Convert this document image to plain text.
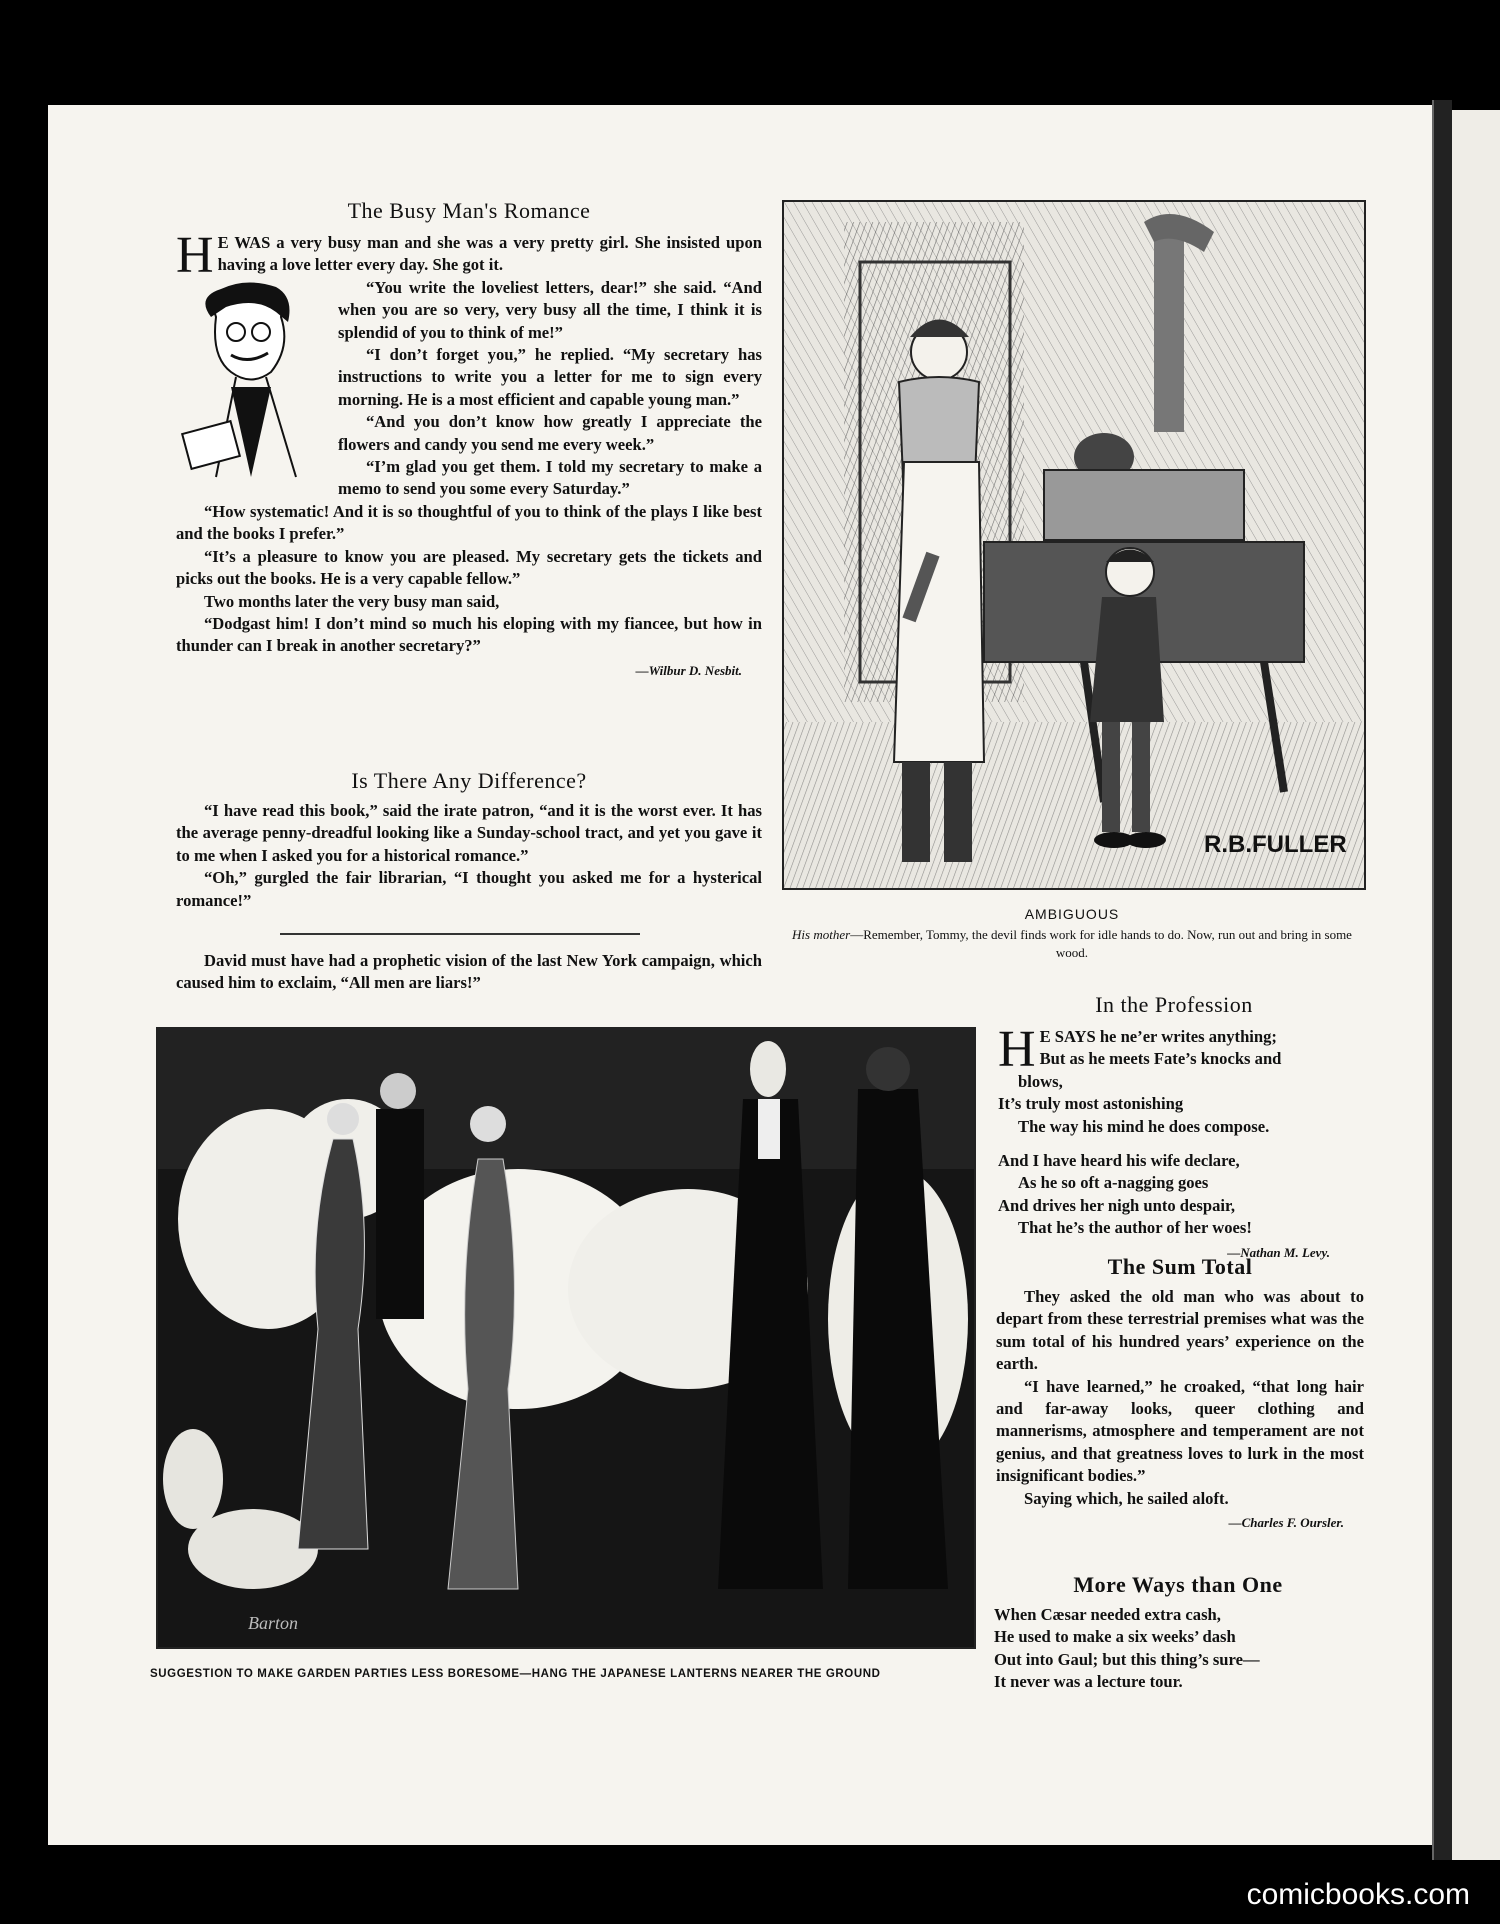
The Busy Man's Romance

H E WAS a very busy man and she was a very pretty girl. She insisted upon having a love letter every day. She got it.

“You write the loveliest letters, dear!” she said. “And when you are so very, very busy all the time, I think it is splendid of you to think of me!”

“I don’t forget you,” he replied. “My secretary has instructions to write you a letter for me to sign every morning. He is a most efficient and capable young man.”

“And you don’t know how greatly I appreciate the flowers and candy you send me every week.”

“I’m glad you get them. I told my secretary to make a memo to send you some every Saturday.”

“How systematic! And it is so thoughtful of you to think of the plays I like best and the books I prefer.”

“It’s a pleasure to know you are pleased. My secretary gets the tickets and picks out the books. He is a very capable fellow.”

Two months later the very busy man said,

“Dodgast him! I don’t mind so much his eloping with my fiancee, but how in thunder can I break in another secretary?”

—Wilbur D. Nesbit.
Is There Any Difference?

“I have read this book,” said the irate patron, “and it is the worst ever. It has the average penny-dreadful looking like a Sunday-school tract, and yet you gave it to me when I asked you for a historical romance.”

“Oh,” gurgled the fair librarian, “I thought you asked me for a hysterical romance!”

David must have had a prophetic vision of the last New York campaign, which caused him to exclaim, “All men are liars!”

R.B.FULLER
AMBIGUOUS
His mother—Remember, Tommy, the devil finds work for idle hands to do. Now, run out and bring in some wood.
Barton
SUGGESTION TO MAKE GARDEN PARTIES LESS BORESOME—HANG THE JAPANESE LANTERNS NEARER THE GROUND
In the Profession
H E SAYS he ne’er writes anything;
But as he meets Fate’s knocks and
blows,
It’s truly most astonishing
The way his mind he does compose.
And I have heard his wife declare,
As he so oft a-nagging goes
And drives her nigh unto despair,
That he’s the author of her woes!
—Nathan M. Levy.
The Sum Total

They asked the old man who was about to depart from these terrestrial premises what was the sum total of his hundred years’ experience on the earth.

“I have learned,” he croaked, “that long hair and far-away looks, queer clothing and mannerisms, atmosphere and temperament are not genius, and that greatness loves to lurk in the most insignificant bodies.”

Saying which, he sailed aloft.

—Charles F. Oursler.
More Ways than One
When Cæsar needed extra cash,
He used to make a six weeks’ dash
Out into Gaul; but this thing’s sure—
It never was a lecture tour.
comicbooks.com
